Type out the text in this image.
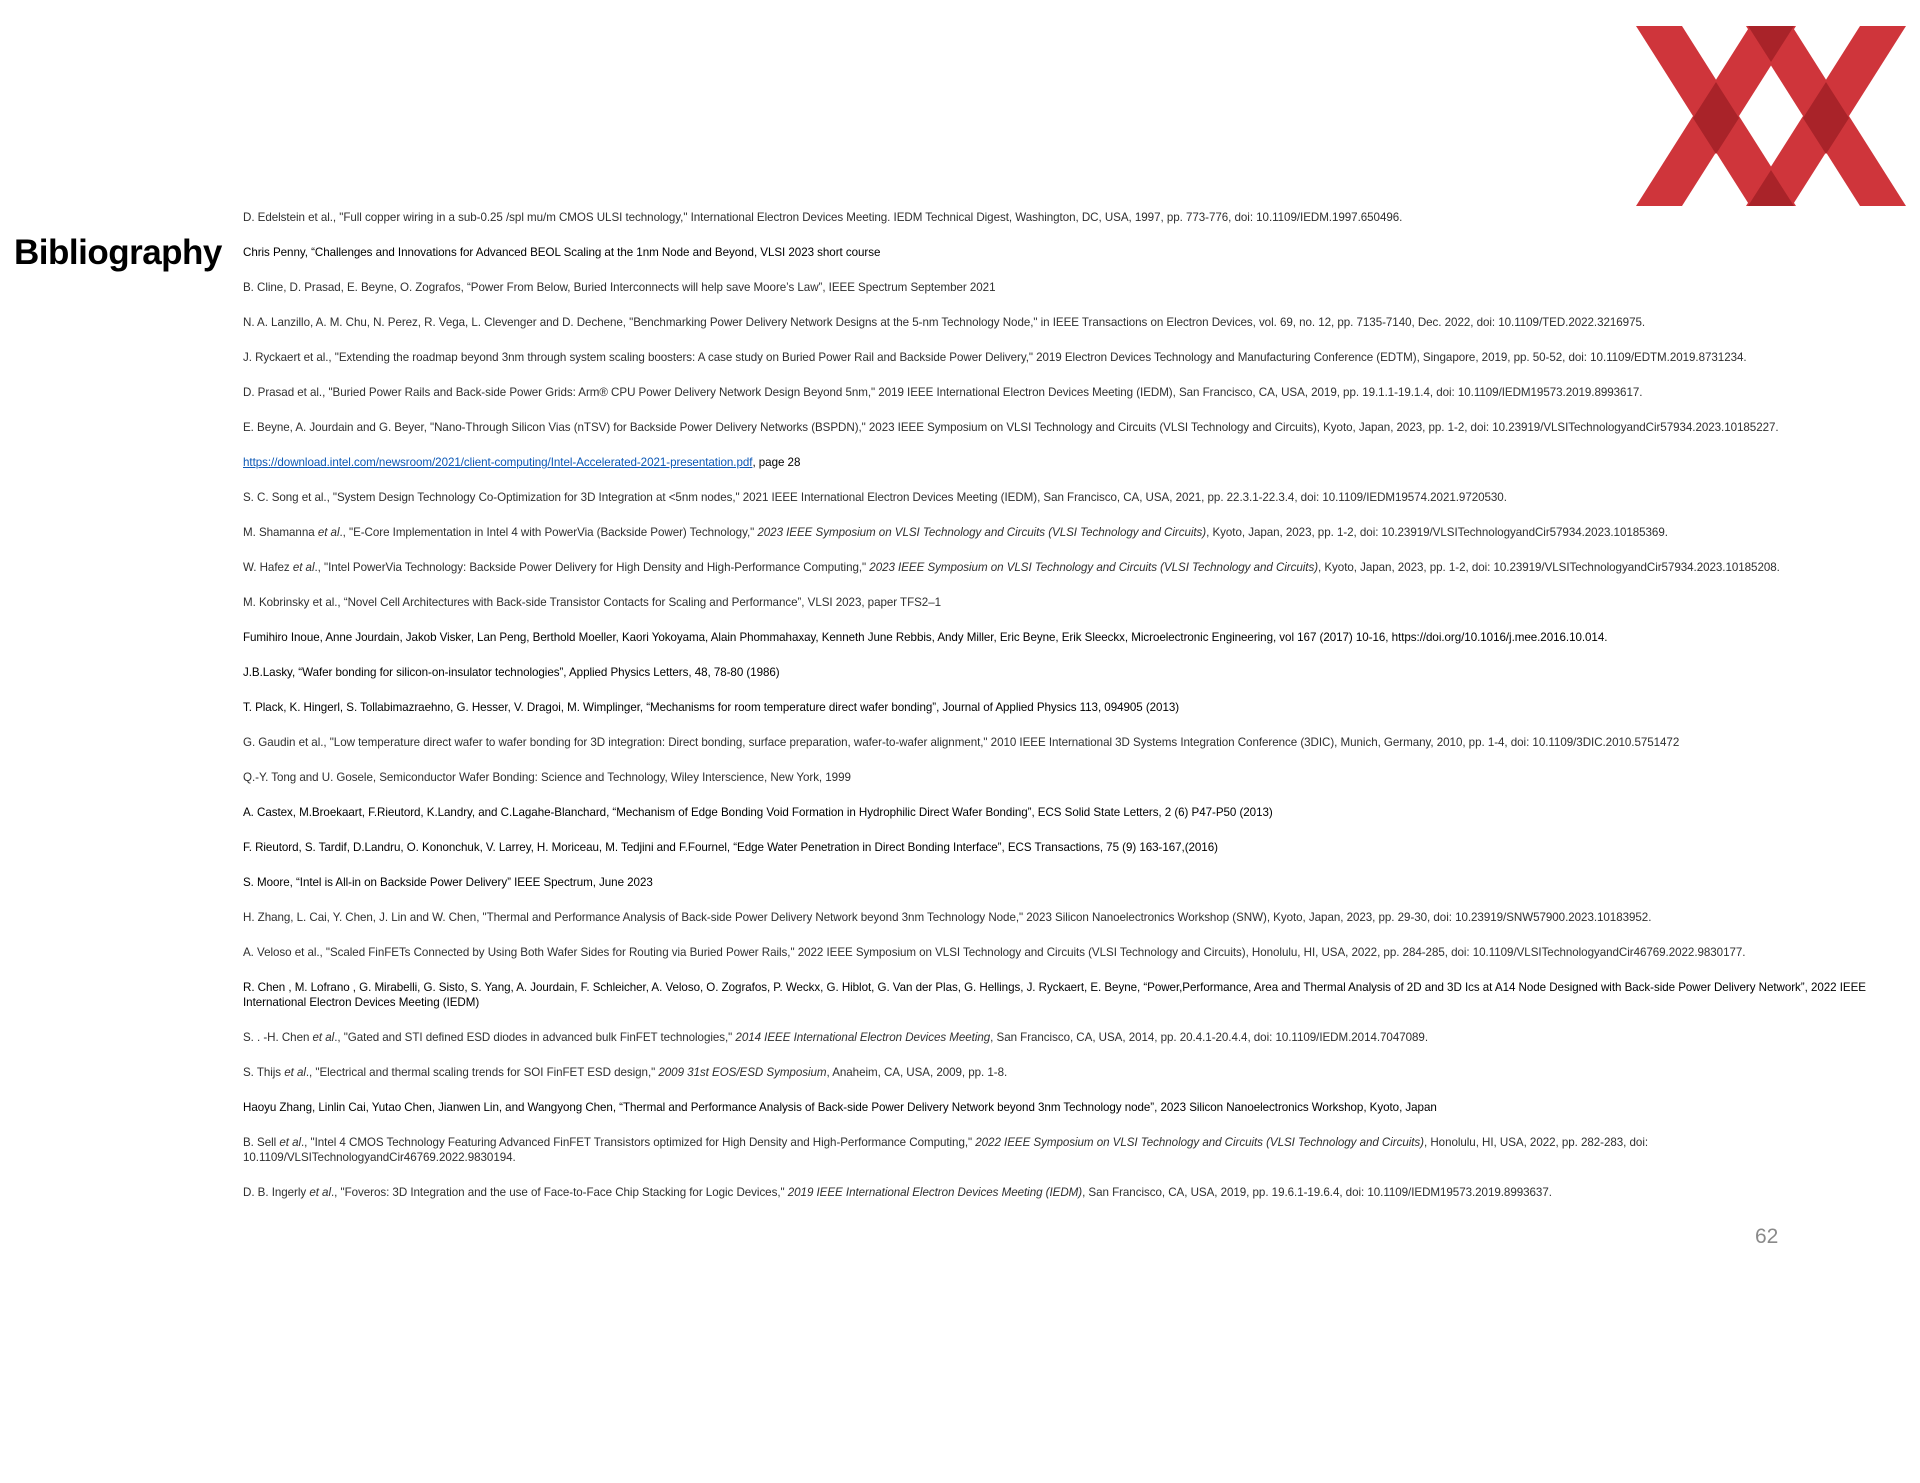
Bibliography
D. Edelstein et al., "Full copper wiring in a sub-0.25 /spl mu/m CMOS ULSI technology," International Electron Devices Meeting. IEDM Technical Digest, Washington, DC, USA, 1997, pp. 773-776, doi: 10.1109/IEDM.1997.650496.
Chris Penny, “Challenges and Innovations for Advanced BEOL Scaling at the 1nm Node and Beyond, VLSI 2023 short course
B. Cline, D. Prasad, E. Beyne, O. Zografos, “Power From Below, Buried Interconnects will help save Moore’s Law”, IEEE Spectrum September 2021
N. A. Lanzillo, A. M. Chu, N. Perez, R. Vega, L. Clevenger and D. Dechene, "Benchmarking Power Delivery Network Designs at the 5-nm Technology Node," in IEEE Transactions on Electron Devices, vol. 69, no. 12, pp. 7135-7140, Dec. 2022, doi: 10.1109/TED.2022.3216975.
J. Ryckaert et al., "Extending the roadmap beyond 3nm through system scaling boosters: A case study on Buried Power Rail and Backside Power Delivery," 2019 Electron Devices Technology and Manufacturing Conference (EDTM), Singapore, 2019, pp. 50-52, doi: 10.1109/EDTM.2019.8731234.
D. Prasad et al., "Buried Power Rails and Back-side Power Grids: Arm® CPU Power Delivery Network Design Beyond 5nm," 2019 IEEE International Electron Devices Meeting (IEDM), San Francisco, CA, USA, 2019, pp. 19.1.1-19.1.4, doi: 10.1109/IEDM19573.2019.8993617.
E. Beyne, A. Jourdain and G. Beyer, "Nano-Through Silicon Vias (nTSV) for Backside Power Delivery Networks (BSPDN)," 2023 IEEE Symposium on VLSI Technology and Circuits (VLSI Technology and Circuits), Kyoto, Japan, 2023, pp. 1-2, doi: 10.23919/VLSITechnologyandCir57934.2023.10185227.
https://download.intel.com/newsroom/2021/client-computing/Intel-Accelerated-2021-presentation.pdf, page 28
S. C. Song et al., "System Design Technology Co-Optimization for 3D Integration at <5nm nodes," 2021 IEEE International Electron Devices Meeting (IEDM), San Francisco, CA, USA, 2021, pp. 22.3.1-22.3.4, doi: 10.1109/IEDM19574.2021.9720530.
M. Shamanna et al., "E-Core Implementation in Intel 4 with PowerVia (Backside Power) Technology," 2023 IEEE Symposium on VLSI Technology and Circuits (VLSI Technology and Circuits), Kyoto, Japan, 2023, pp. 1-2, doi: 10.23919/VLSITechnologyandCir57934.2023.10185369.
W. Hafez et al., "Intel PowerVia Technology: Backside Power Delivery for High Density and High-Performance Computing," 2023 IEEE Symposium on VLSI Technology and Circuits (VLSI Technology and Circuits), Kyoto, Japan, 2023, pp. 1-2, doi: 10.23919/VLSITechnologyandCir57934.2023.10185208.
M. Kobrinsky et al., “Novel Cell Architectures with Back-side Transistor Contacts for Scaling and Performance”, VLSI 2023, paper TFS2–1
Fumihiro Inoue, Anne Jourdain, Jakob Visker, Lan Peng, Berthold Moeller, Kaori Yokoyama, Alain Phommahaxay, Kenneth June Rebbis, Andy Miller, Eric Beyne, Erik Sleeckx, Microelectronic Engineering, vol 167 (2017) 10-16, https://doi.org/10.1016/j.mee.2016.10.014.
J.B.Lasky, “Wafer bonding for silicon-on-insulator technologies”, Applied Physics Letters, 48, 78-80 (1986)
T. Plack, K. Hingerl, S. Tollabimazraehno, G. Hesser, V. Dragoi, M. Wimplinger, “Mechanisms for room temperature direct wafer bonding”, Journal of Applied Physics 113, 094905 (2013)
G. Gaudin et al., "Low temperature direct wafer to wafer bonding for 3D integration: Direct bonding, surface preparation, wafer-to-wafer alignment," 2010 IEEE International 3D Systems Integration Conference (3DIC), Munich, Germany, 2010, pp. 1-4, doi: 10.1109/3DIC.2010.5751472
Q.-Y. Tong and U. Gosele, Semiconductor Wafer Bonding: Science and Technology, Wiley Interscience, New York, 1999
A. Castex, M.Broekaart, F.Rieutord, K.Landry, and C.Lagahe-Blanchard, “Mechanism of Edge Bonding Void Formation in Hydrophilic Direct Wafer Bonding”, ECS Solid State Letters, 2 (6) P47-P50 (2013)
F. Rieutord, S. Tardif, D.Landru, O. Kononchuk, V. Larrey, H. Moriceau, M. Tedjini and F.Fournel, “Edge Water Penetration in Direct Bonding Interface”, ECS Transactions, 75 (9) 163-167,(2016)
S. Moore, “Intel is All-in on Backside Power Delivery” IEEE Spectrum, June 2023
H. Zhang, L. Cai, Y. Chen, J. Lin and W. Chen, "Thermal and Performance Analysis of Back-side Power Delivery Network beyond 3nm Technology Node," 2023 Silicon Nanoelectronics Workshop (SNW), Kyoto, Japan, 2023, pp. 29-30, doi: 10.23919/SNW57900.2023.10183952.
A. Veloso et al., "Scaled FinFETs Connected by Using Both Wafer Sides for Routing via Buried Power Rails," 2022 IEEE Symposium on VLSI Technology and Circuits (VLSI Technology and Circuits), Honolulu, HI, USA, 2022, pp. 284-285, doi: 10.1109/VLSITechnologyandCir46769.2022.9830177.
R. Chen , M. Lofrano , G. Mirabelli, G. Sisto, S. Yang, A. Jourdain, F. Schleicher, A. Veloso, O. Zografos, P. Weckx, G. Hiblot, G. Van der Plas, G. Hellings, J. Ryckaert, E. Beyne, “Power,Performance, Area and Thermal Analysis of 2D and 3D Ics at A14 Node Designed with Back-side Power Delivery Network”, 2022 IEEE International Electron Devices Meeting (IEDM)
S. . -H. Chen et al., "Gated and STI defined ESD diodes in advanced bulk FinFET technologies," 2014 IEEE International Electron Devices Meeting, San Francisco, CA, USA, 2014, pp. 20.4.1-20.4.4, doi: 10.1109/IEDM.2014.7047089.
S. Thijs et al., "Electrical and thermal scaling trends for SOI FinFET ESD design," 2009 31st EOS/ESD Symposium, Anaheim, CA, USA, 2009, pp. 1-8.
Haoyu Zhang, Linlin Cai, Yutao Chen, Jianwen Lin, and Wangyong Chen, “Thermal and Performance Analysis of Back-side Power Delivery Network beyond 3nm Technology node”, 2023 Silicon Nanoelectronics Workshop, Kyoto, Japan
B. Sell et al., "Intel 4 CMOS Technology Featuring Advanced FinFET Transistors optimized for High Density and High-Performance Computing," 2022 IEEE Symposium on VLSI Technology and Circuits (VLSI Technology and Circuits), Honolulu, HI, USA, 2022, pp. 282-283, doi: 10.1109/VLSITechnologyandCir46769.2022.9830194.
D. B. Ingerly et al., "Foveros: 3D Integration and the use of Face-to-Face Chip Stacking for Logic Devices," 2019 IEEE International Electron Devices Meeting (IEDM), San Francisco, CA, USA, 2019, pp. 19.6.1-19.6.4, doi: 10.1109/IEDM19573.2019.8993637.
62
